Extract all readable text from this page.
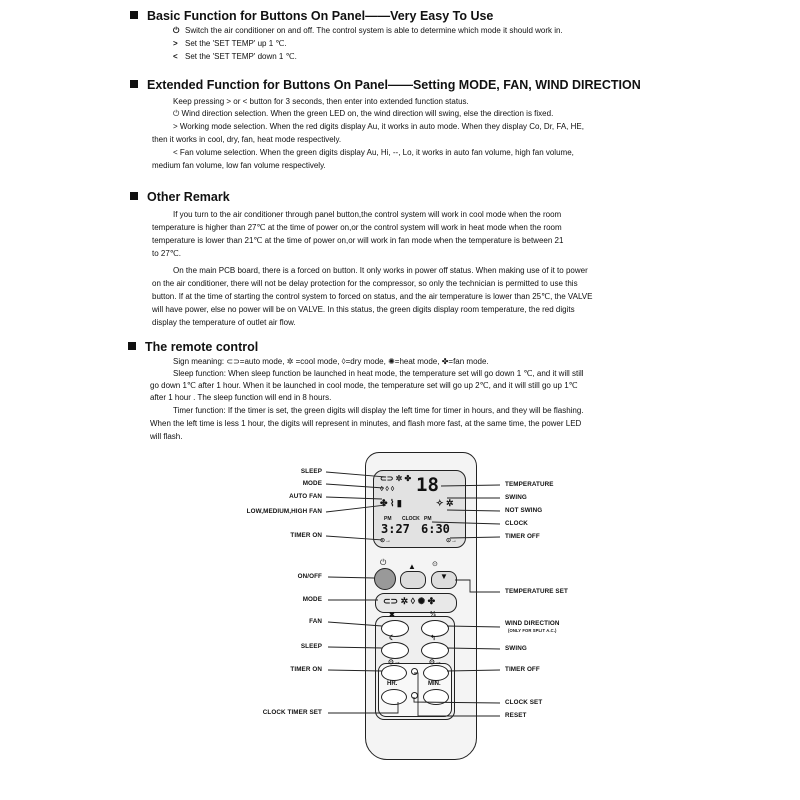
Basic Function for Buttons On Panel——Very Easy To Use
⏻ Switch the air conditioner on and off. The control system is able to determine which mode it should work in.
> Set the 'SET TEMP' up 1 ℃.
< Set the 'SET TEMP' down 1 ℃.
Extended Function for Buttons On Panel——Setting MODE, FAN, WIND DIRECTION
Keep pressing > or < button for 3 seconds, then enter into extended function status.
⏻ Wind direction selection. When the green LED on, the wind direction will swing, else the direction is fixed.
> Working mode selection. When the red digits display Au, it works in auto mode. When they display Co, Dr, FA, HE,
then it works in cool, dry, fan, heat mode respectively.
< Fan volume selection. When the green digits display Au, Hi, --, Lo, it works in auto fan volume, high fan volume,
medium fan volume, low fan volume respectively.
Other Remark
If you turn to the air conditioner through panel button,the control system will work in cool mode when the room
temperature is higher than 27℃ at the time of power on,or the control system will work in heat mode when the room
temperature is lower than 21℃ at the time of power on,or will work in fan mode when the temperature is between 21
to 27℃.
On the main PCB board, there is a forced on button. It only works in power off status. When making use of it to power
on the air conditioner, there will not be delay protection for the compressor, so only the technician is permitted to use this
button. If at the time of starting the control system to forced on status, and the air temperature is lower than 25℃, the VALVE
will have power, else no power will be on VALVE. In this status, the green digits display room temperature, the red digits
display the temperature of outlet air flow.
The remote control
Sign meaning: ⊂⊃=auto mode, ✲ =cool mode, ◊=dry mode, ✺=heat mode, ✤=fan mode.
Sleep function: When sleep function be launched in heat mode, the temperature set will go down 1 ℃, and it will still
go down 1℃ after 1 hour. When it be launched in cool mode, the temperature set will go up 2℃, and it will still go up 1℃
after 1 hour . The sleep function will end in 8 hours.
Timer function: If the timer is set, the green digits will display the left time for timer in hours, and they will be flashing.
When the left time is less 1 hour, the digits will represent in minutes, and flash more fast, at the same time, the power LED
will flash.
⊂⊃ ✲ ✤
◊ ◊ ◊ 18
✤ ⌇ ▮	✧ ✲
PM CLOCK PM
3:27 6:30
⊙→	⊙→
⏻	▲ ⊙
▼
⊂⊃ ✲ ◊ ✺ ✤
✖	⅓
☾	↰
⊙→	⊙→
HR.	MIN.
SLEEP
MODE
AUTO FAN
LOW,MEDIUM,HIGH FAN
TIMER ON
ON/OFF
MODE
FAN
SLEEP
TIMER ON
CLOCK TIMER SET
TEMPERATURE
SWING
NOT SWING
CLOCK
TIMER OFF
TEMPERATURE SET
WIND DIRECTION
(ONLY FOR SPLIT A.C.)
SWING
TIMER OFF
CLOCK SET
RESET
